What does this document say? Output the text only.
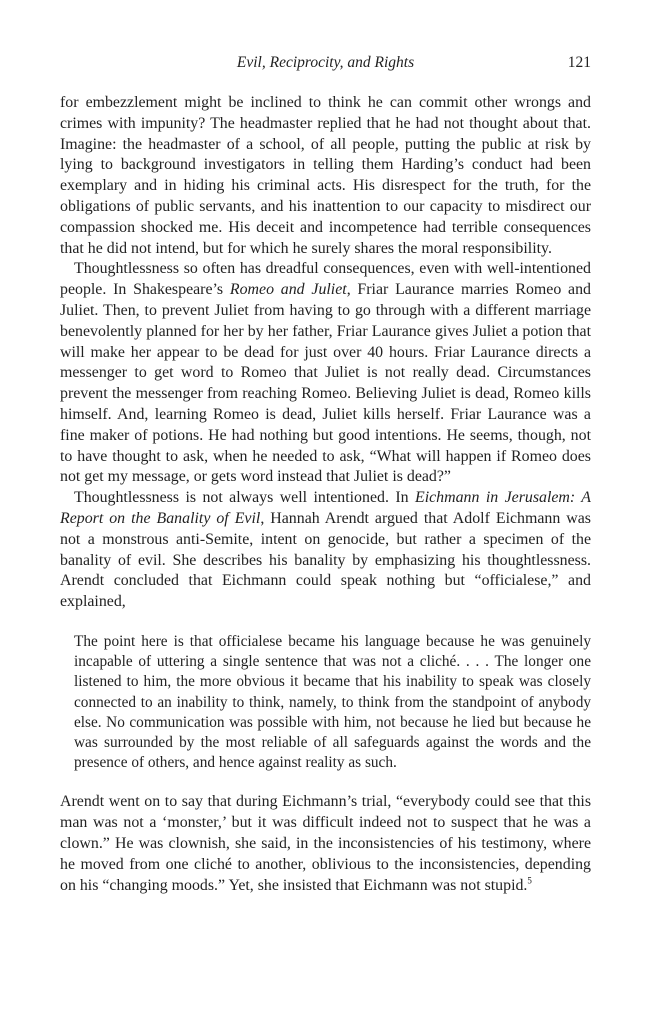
Evil, Reciprocity, and Rights	121

for embezzlement might be inclined to think he can commit other wrongs and crimes with impunity? The headmaster replied that he had not thought about that. Imagine: the headmaster of a school, of all people, putting the public at risk by lying to background investigators in telling them Harding’s conduct had been exemplary and in hiding his criminal acts. His disrespect for the truth, for the obligations of public servants, and his inattention to our capacity to misdirect our compassion shocked me. His deceit and incompetence had terrible consequences that he did not intend, but for which he surely shares the moral responsibility.

Thoughtlessness so often has dreadful consequences, even with well-intentioned people. In Shakespeare’s Romeo and Juliet, Friar Laurance marries Romeo and Juliet. Then, to prevent Juliet from having to go through with a different marriage benevolently planned for her by her father, Friar Laurance gives Juliet a potion that will make her appear to be dead for just over 40 hours. Friar Laurance directs a messenger to get word to Romeo that Juliet is not really dead. Circumstances prevent the messenger from reaching Romeo. Believing Juliet is dead, Romeo kills himself. And, learning Romeo is dead, Juliet kills herself. Friar Laurance was a fine maker of potions. He had nothing but good intentions. He seems, though, not to have thought to ask, when he needed to ask, “What will happen if Romeo does not get my message, or gets word instead that Juliet is dead?”

Thoughtlessness is not always well intentioned. In Eichmann in Jerusalem: A Report on the Banality of Evil, Hannah Arendt argued that Adolf Eichmann was not a monstrous anti-Semite, intent on genocide, but rather a specimen of the banality of evil. She describes his banality by emphasizing his thoughtlessness. Arendt concluded that Eichmann could speak nothing but “officialese,” and explained,

The point here is that officialese became his language because he was genuinely incapable of uttering a single sentence that was not a cliché. . . . The longer one listened to him, the more obvious it became that his inability to speak was closely connected to an inability to think, namely, to think from the standpoint of anybody else. No communication was possible with him, not because he lied but because he was surrounded by the most reliable of all safeguards against the words and the presence of others, and hence against reality as such.

Arendt went on to say that during Eichmann’s trial, “everybody could see that this man was not a ‘monster,’ but it was difficult indeed not to suspect that he was a clown.” He was clownish, she said, in the inconsistencies of his testimony, where he moved from one cliché to another, oblivious to the inconsistencies, depending on his “changing moods.” Yet, she insisted that Eichmann was not stupid.$^5$
